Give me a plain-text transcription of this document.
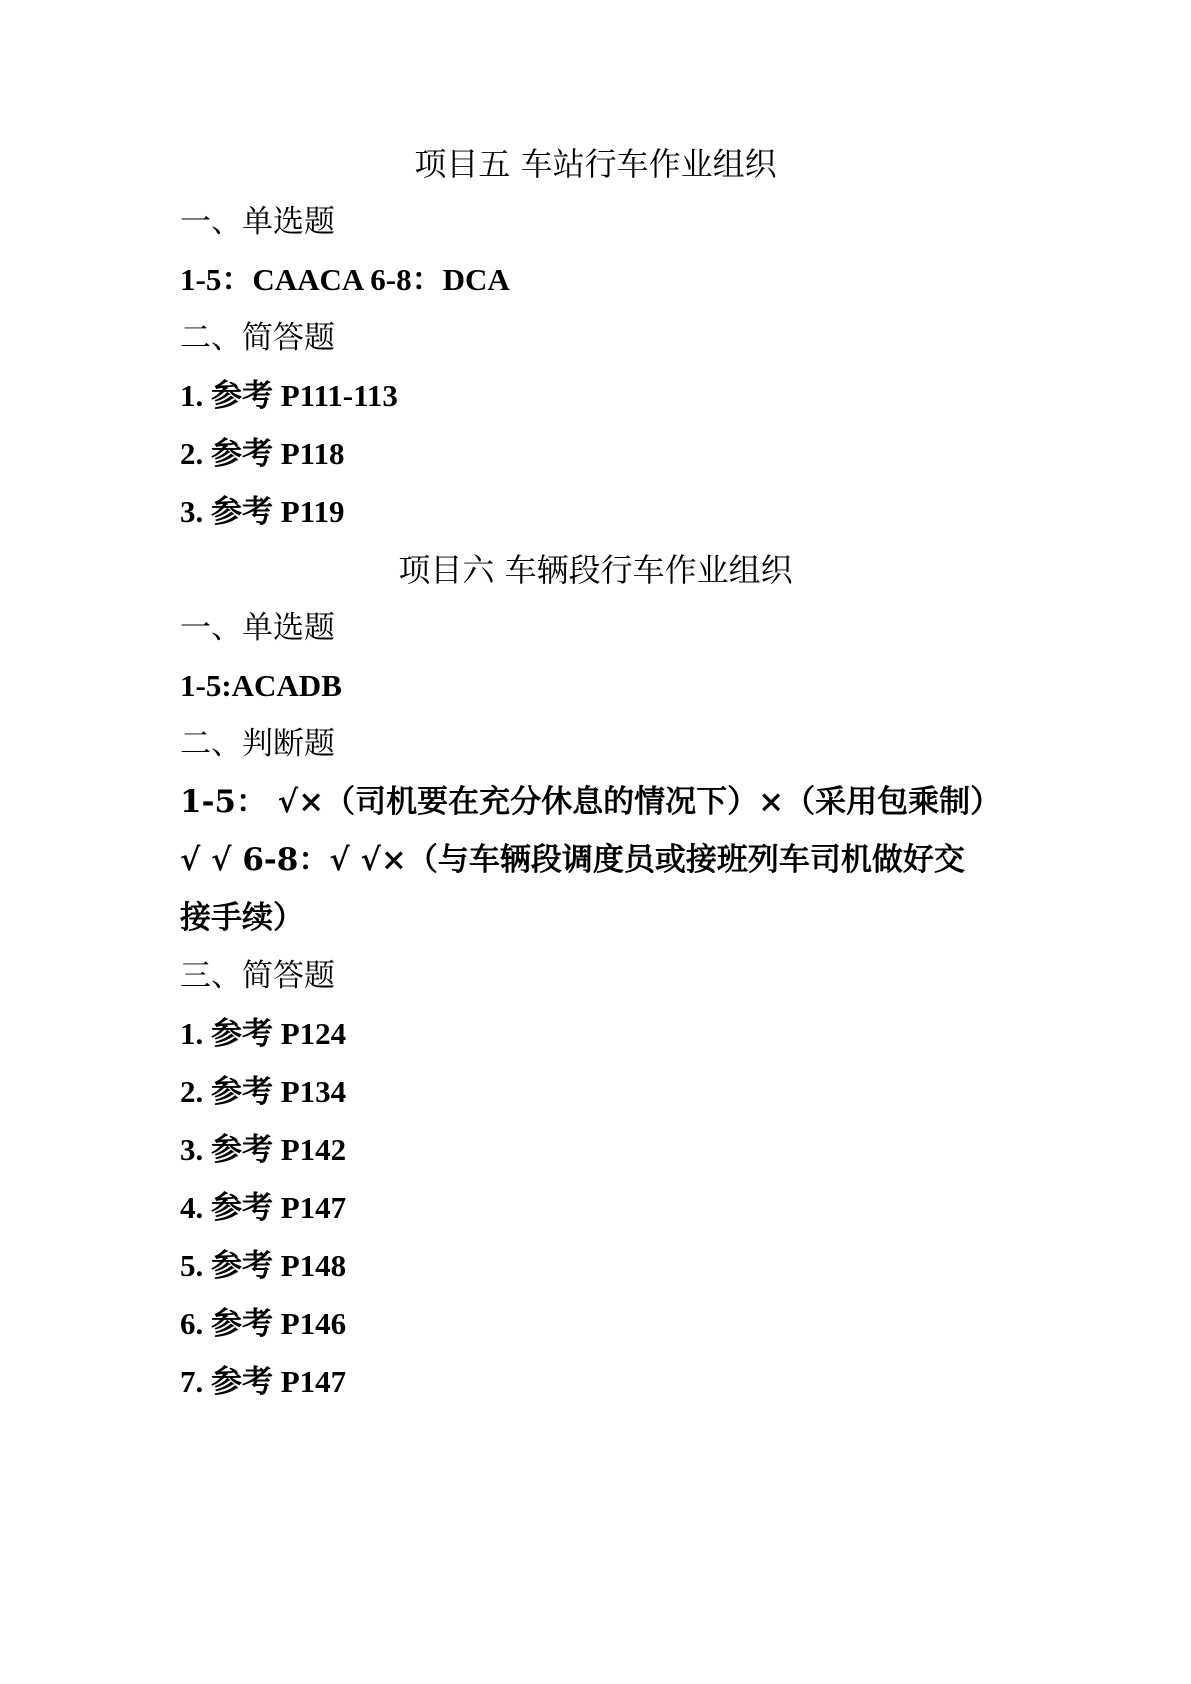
项目五 车站行车作业组织
一、单选题
1-5：CAACA 6-8：DCA
二、简答题
1. 参考 P111-113
2. 参考 P118
3. 参考 P119
项目六 车辆段行车作业组织
一、单选题
1-5:ACADB
二、判断题
1-5： √×（司机要在充分休息的情况下）×（采用包乘制）
√ √ 6-8：√ √×（与车辆段调度员或接班列车司机做好交
接手续）
三、简答题
1. 参考 P124
2. 参考 P134
3. 参考 P142
4. 参考 P147
5. 参考 P148
6. 参考 P146
7. 参考 P147
